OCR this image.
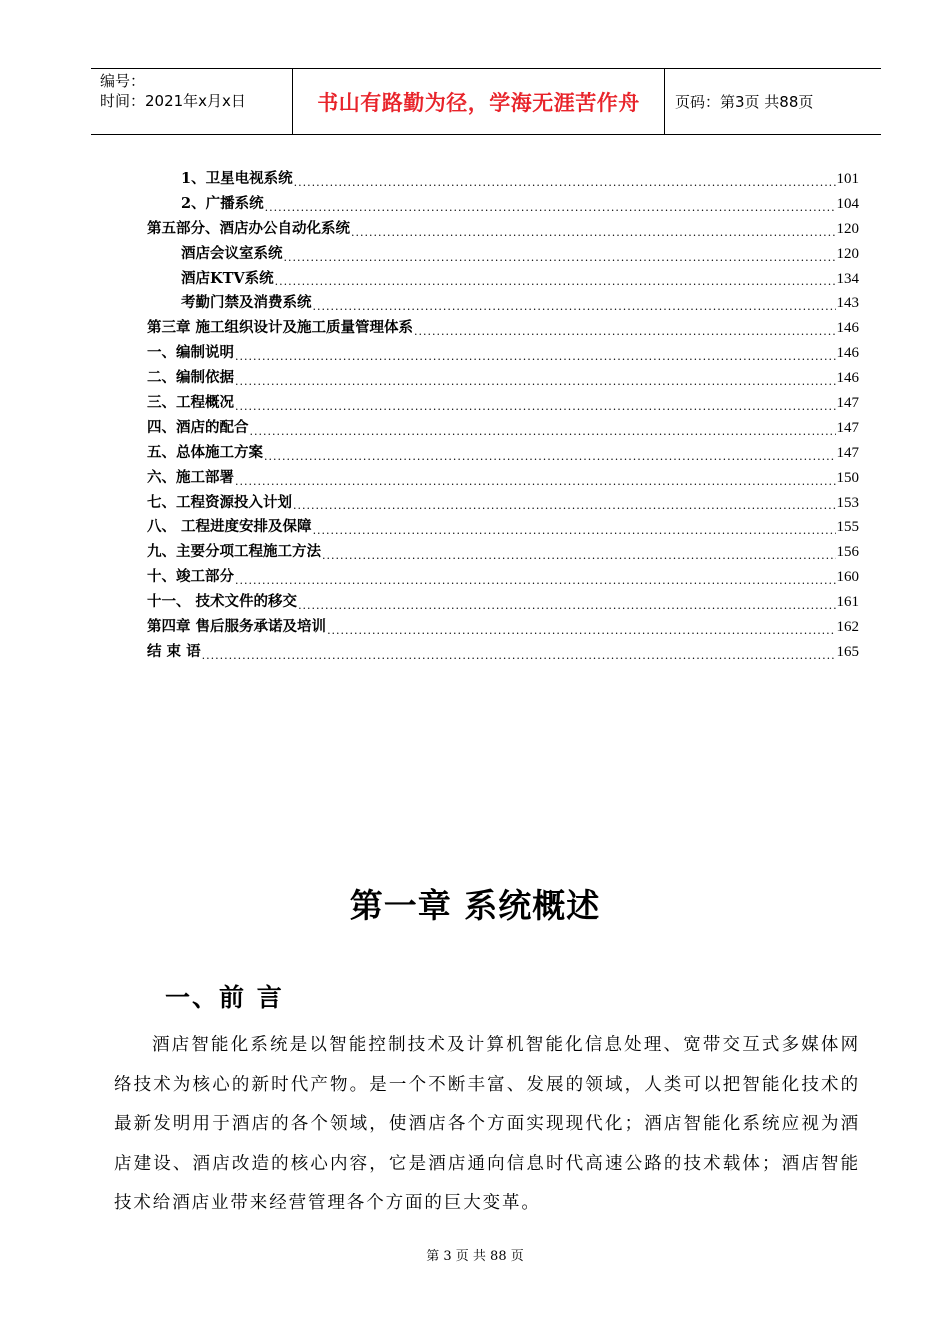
编号：
时间：2021年x月x日	书山有路勤为径，学海无涯苦作舟	页码：第3页 共88页
1、卫星电视系统 .....	101
2、广播系统 .....	104
第五部分、酒店办公自动化系统 .....	120
酒店会议室系统 .....	120
酒店KTV系统 .....	134
考勤门禁及消费系统 .....	143
第三章 施工组织设计及施工质量管理体系 .....	146
一、编制说明 .....	146
二、编制依据 .....	146
三、工程概况 .....	147
四、酒店的配合 .....	147
五、总体施工方案 .....	147
六、施工部署 .....	150
七、工程资源投入计划 .....	153
八、 工程进度安排及保障 .....	155
九、主要分项工程施工方法 .....	156
十、竣工部分 .....	160
十一、 技术文件的移交 .....	161
第四章 售后服务承诺及培训 .....	162
结 束 语 .....	165
第一章 系统概述
一、前 言
酒店智能化系统是以智能控制技术及计算机智能化信息处理、宽带交互式多媒体网络技术为核心的新时代产物。是一个不断丰富、发展的领域，人类可以把智能化技术的最新发明用于酒店的各个领域，使酒店各个方面实现现代化；酒店智能化系统应视为酒店建设、酒店改造的核心内容，它是酒店通向信息时代高速公路的技术载体；酒店智能技术给酒店业带来经营管理各个方面的巨大变革。
第 3 页 共 88 页
